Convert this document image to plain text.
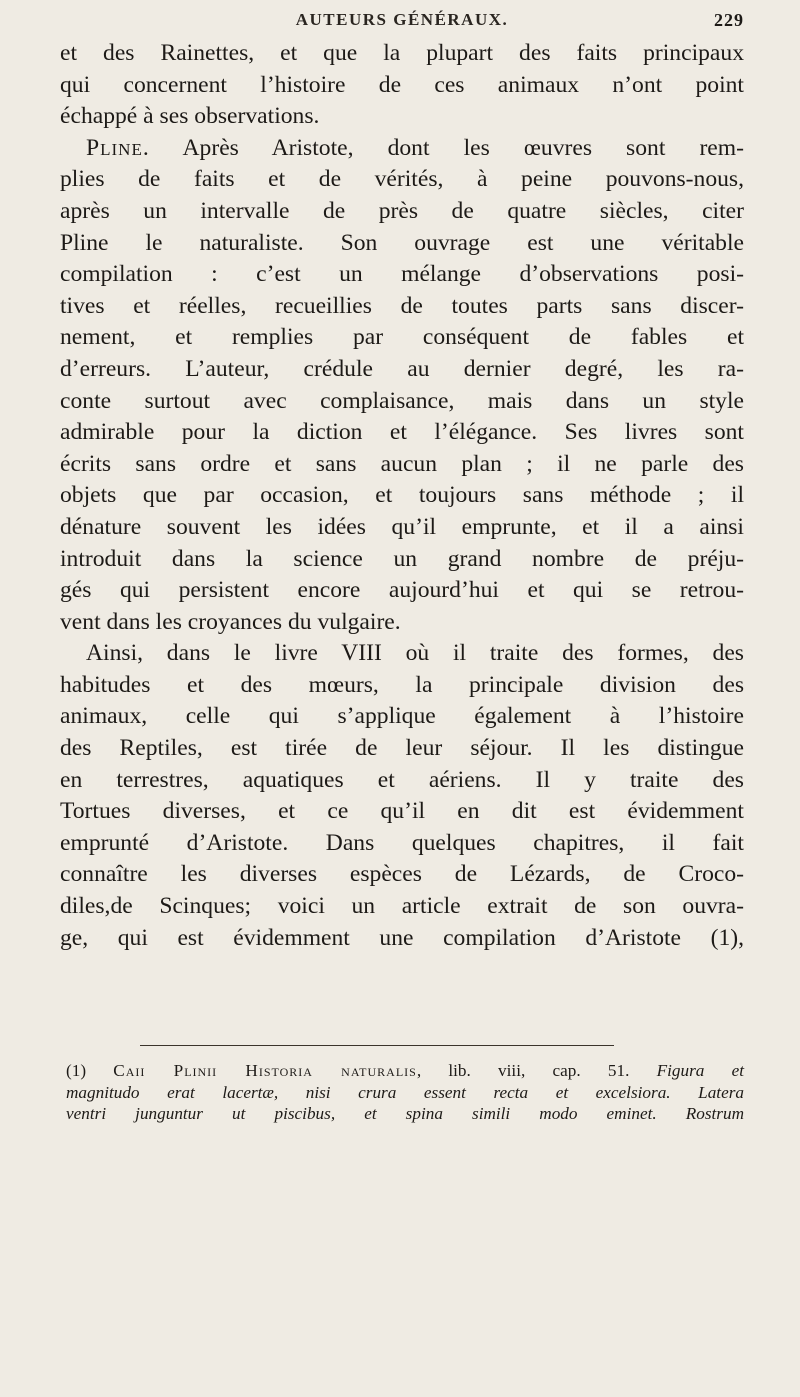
AUTEURS GÉNÉRAUX.	229
et des Rainettes, et que la plupart des faits principaux
qui concernent l’histoire de ces animaux n’ont point
échappé à ses observations.
Pline. Après Aristote, dont les œuvres sont rem-
plies de faits et de vérités, à peine pouvons-nous,
après un intervalle de près de quatre siècles, citer
Pline le naturaliste. Son ouvrage est une véritable
compilation : c’est un mélange d’observations posi-
tives et réelles, recueillies de toutes parts sans discer-
nement, et remplies par conséquent de fables et
d’erreurs. L’auteur, crédule au dernier degré, les ra-
conte surtout avec complaisance, mais dans un style
admirable pour la diction et l’élégance. Ses livres sont
écrits sans ordre et sans aucun plan ; il ne parle des
objets que par occasion, et toujours sans méthode ; il
dénature souvent les idées qu’il emprunte, et il a ainsi
introduit dans la science un grand nombre de préju-
gés qui persistent encore aujourd’hui et qui se retrou-
vent dans les croyances du vulgaire.
Ainsi, dans le livre VIII où il traite des formes, des
habitudes et des mœurs, la principale division des
animaux, celle qui s’applique également à l’histoire
des Reptiles, est tirée de leur séjour. Il les distingue
en terrestres, aquatiques et aériens. Il y traite des
Tortues diverses, et ce qu’il en dit est évidemment
emprunté d’Aristote. Dans quelques chapitres, il fait
connaître les diverses espèces de Lézards, de Croco-
diles,de Scinques; voici un article extrait de son ouvra-
ge, qui est évidemment une compilation d’Aristote (1),
(1) Caii Plinii Historia naturalis, lib. viii, cap. 51. Figura et
magnitudo erat lacertæ, nisi crura essent recta et excelsiora. Latera
ventri junguntur ut piscibus, et spina simili modo eminet. Rostrum
